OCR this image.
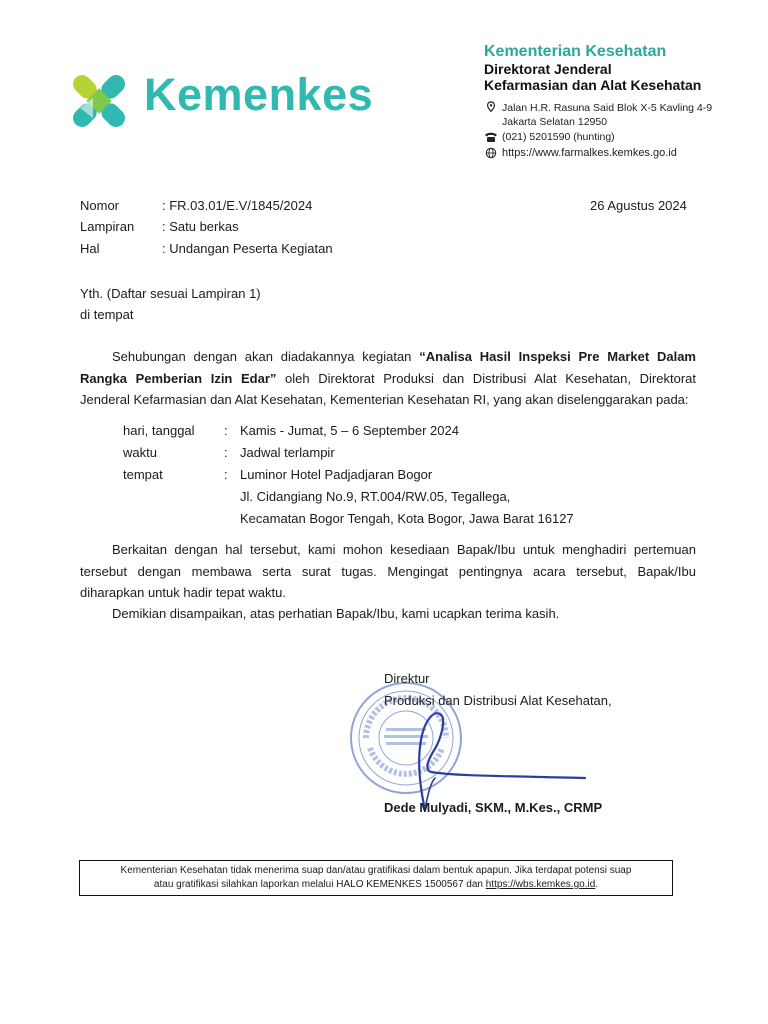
Kemenkes
Kementerian Kesehatan
Direktorat Jenderal
Kefarmasian dan Alat Kesehatan
Jalan H.R. Rasuna Said Blok X-5 Kavling 4-9
Jakarta Selatan 12950
(021) 5201590 (hunting)
https://www.farmalkes.kemkes.go.id
Nomor	: FR.03.01/E.V/1845/2024
Lampiran : Satu berkas
Hal	: Undangan Peserta Kegiatan
26 Agustus 2024
Yth. (Daftar sesuai Lampiran 1)
di tempat
Sehubungan dengan akan diadakannya kegiatan “Analisa Hasil Inspeksi Pre Market Dalam
Rangka Pemberian Izin Edar” oleh Direktorat Produksi dan Distribusi Alat Kesehatan, Direktorat
Jenderal Kefarmasian dan Alat Kesehatan, Kementerian Kesehatan RI, yang akan diselenggarakan pada:
hari, tanggal : Kamis - Jumat, 5 – 6 September 2024
waktu	: Jadwal terlampir
tempat	: Luminor Hotel Padjadjaran Bogor
Jl. Cidangiang No.9, RT.004/RW.05, Tegallega,
Kecamatan Bogor Tengah, Kota Bogor, Jawa Barat 16127
Berkaitan dengan hal tersebut, kami mohon kesediaan Bapak/Ibu untuk menghadiri pertemuan
tersebut dengan membawa serta surat tugas. Mengingat pentingnya acara tersebut, Bapak/Ibu
diharapkan untuk hadir tepat waktu.
Demikian disampaikan, atas perhatian Bapak/Ibu, kami ucapkan terima kasih.
Direktur
Produksi dan Distribusi Alat Kesehatan,
Dede Mulyadi, SKM., M.Kes., CRMP
Kementerian Kesehatan tidak menerima suap dan/atau gratifikasi dalam bentuk apapun. Jika terdapat potensi suap
atau gratifikasi silahkan laporkan melalui HALO KEMENKES 1500567 dan https://wbs.kemkes.go.id.
